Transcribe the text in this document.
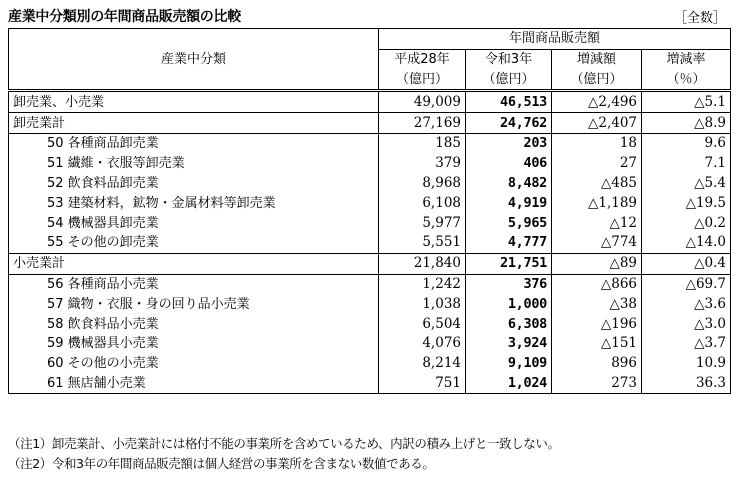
産業中分類別の年間商品販売額の比較	［全数］
産業中分類	年間商品販売額			
	平成28年	令和3年	増減額	増減率
	（億円）	（億円）	（億円）	（％）
卸売業、小売業	49,009	46,513	△2,496	△5.1
卸売業計	27,169	24,762	△2,407	△8.9
50 各種商品卸売業	185	203	18	9.6
51 繊維・衣服等卸売業	379	406	27	7.1
52 飲食料品卸売業	8,968	8,482	△485	△5.4
53 建築材料，鉱物・金属材料等卸売業	6,108	4,919	△1,189	△19.5
54 機械器具卸売業	5,977	5,965	△12	△0.2
55 その他の卸売業	5,551	4,777	△774	△14.0
小売業計	21,840	21,751	△89	△0.4
56 各種商品小売業	1,242	376	△866	△69.7
57 織物・衣服・身の回り品小売業	1,038	1,000	△38	△3.6
58 飲食料品小売業	6,504	6,308	△196	△3.0
59 機械器具小売業	4,076	3,924	△151	△3.7
60 その他の小売業	8,214	9,109	896	10.9
61 無店舗小売業	751	1,024	273	36.3
（注1）卸売業計、小売業計には格付不能の事業所を含めているため、内訳の積み上げと一致しない。
（注2）令和3年の年間商品販売額は個人経営の事業所を含まない数値である。
